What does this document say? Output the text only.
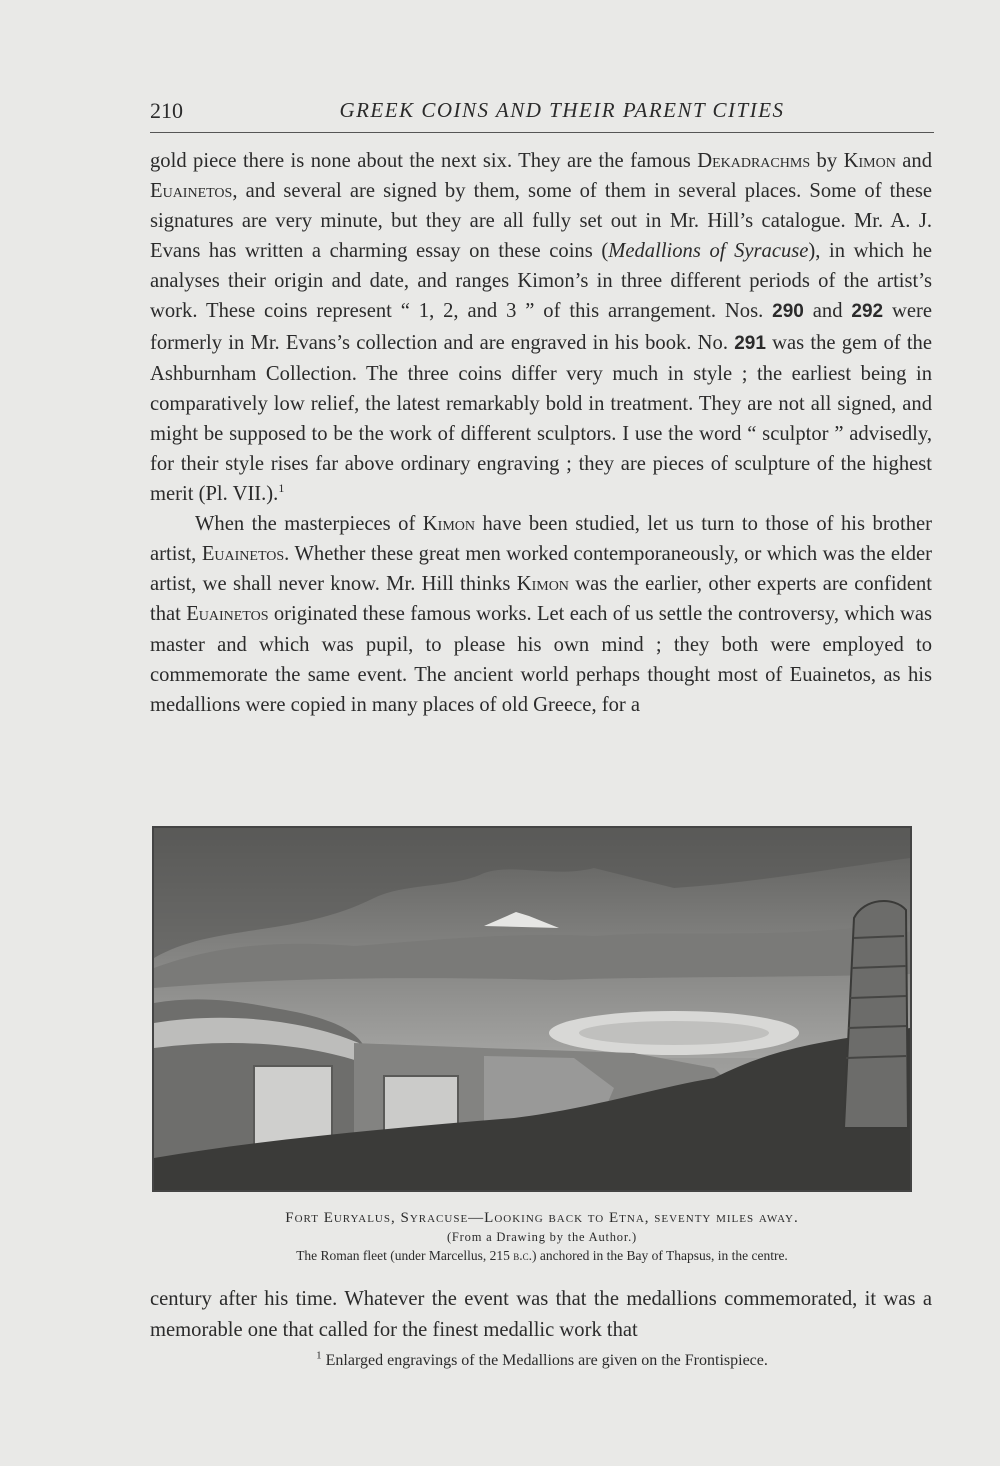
210	GREEK COINS AND THEIR PARENT CITIES

gold piece there is none about the next six. They are the famous Dekadrachms by Kimon and Euainetos, and several are signed by them, some of them in several places. Some of these signatures are very minute, but they are all fully set out in Mr. Hill’s catalogue. Mr. A. J. Evans has written a charming essay on these coins (Medallions of Syracuse), in which he analyses their origin and date, and ranges Kimon’s in three different periods of the artist’s work. These coins represent “ 1, 2, and 3 ” of this arrangement. Nos. 290 and 292 were formerly in Mr. Evans’s collection and are engraved in his book. No. 291 was the gem of the Ashburnham Collection. The three coins differ very much in style ; the earliest being in comparatively low relief, the latest remarkably bold in treatment. They are not all signed, and might be supposed to be the work of different sculptors. I use the word “ sculptor ” advisedly, for their style rises far above ordinary engraving ; they are pieces of sculpture of the highest merit (Pl. VII.).$^1$

When the masterpieces of Kimon have been studied, let us turn to those of his brother artist, Euainetos. Whether these great men worked contemporaneously, or which was the elder artist, we shall never know. Mr. Hill thinks Kimon was the earlier, other experts are confident that Euainetos originated these famous works. Let each of us settle the controversy, which was master and which was pupil, to please his own mind ; they both were employed to commemorate the same event. The ancient world perhaps thought most of Euainetos, as his medallions were copied in many places of old Greece, for a

Fort Euryalus, Syracuse—Looking back to Etna, seventy miles away.
(From a Drawing by the Author.)
The Roman fleet (under Marcellus, 215 b.c.) anchored in the Bay of Thapsus, in the centre.

century after his time. Whatever the event was that the medallions commemorated, it was a memorable one that called for the finest medallic work that

$^1$ Enlarged engravings of the Medallions are given on the Frontispiece.
